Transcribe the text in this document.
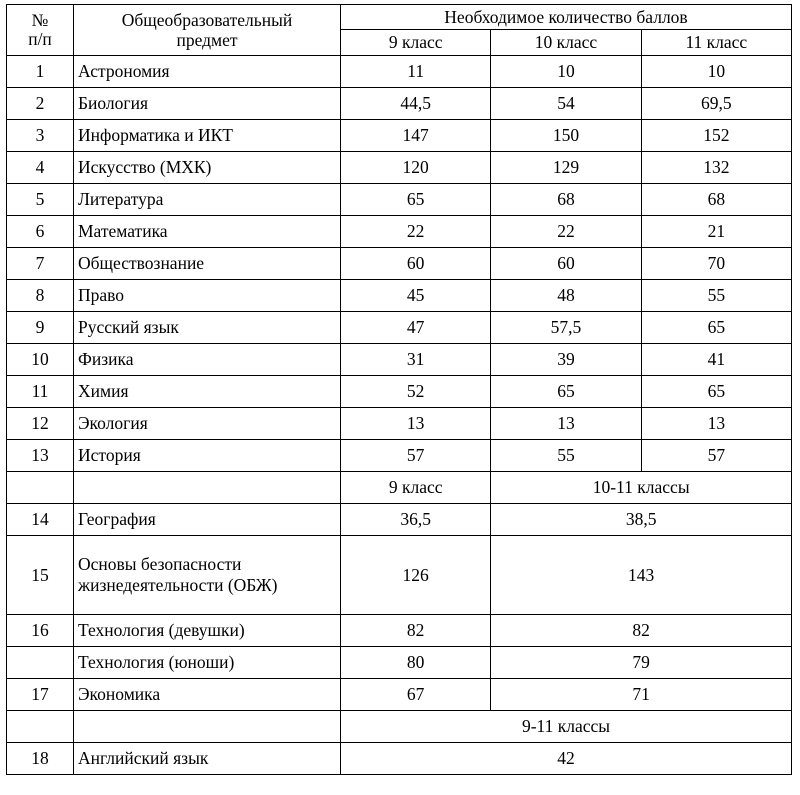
№
п/п

Общеобразовательный
предмет
	Необходимое количество баллов
		9 класс	10 класс	11 класс
1	Астрономия	11	10	10
2	Биология	44,5	54	69,5
3	Информатика и ИКТ	147	150	152
4	Искусство (МХК)	120	129	132
5	Литература	65	68	68
6	Математика	22	22	21
7	Обществознание	60	60	70
8	Право	45	48	55
9	Русский язык	47	57,5	65
10	Физика	31	39	41
11	Химия	52	65	65
12	Экология	13	13	13
13	История	57	55	57
		9 класс	10-11 классы	
14	География	36,5	38,5	
15	Основы безопасности жизнедеятельности (ОБЖ)	126	143	
16	Технология (девушки)	82	82	
	Технология (юноши)	80	79	
17	Экономика	67	71	
		9-11 классы		
18	Английский язык	42		
